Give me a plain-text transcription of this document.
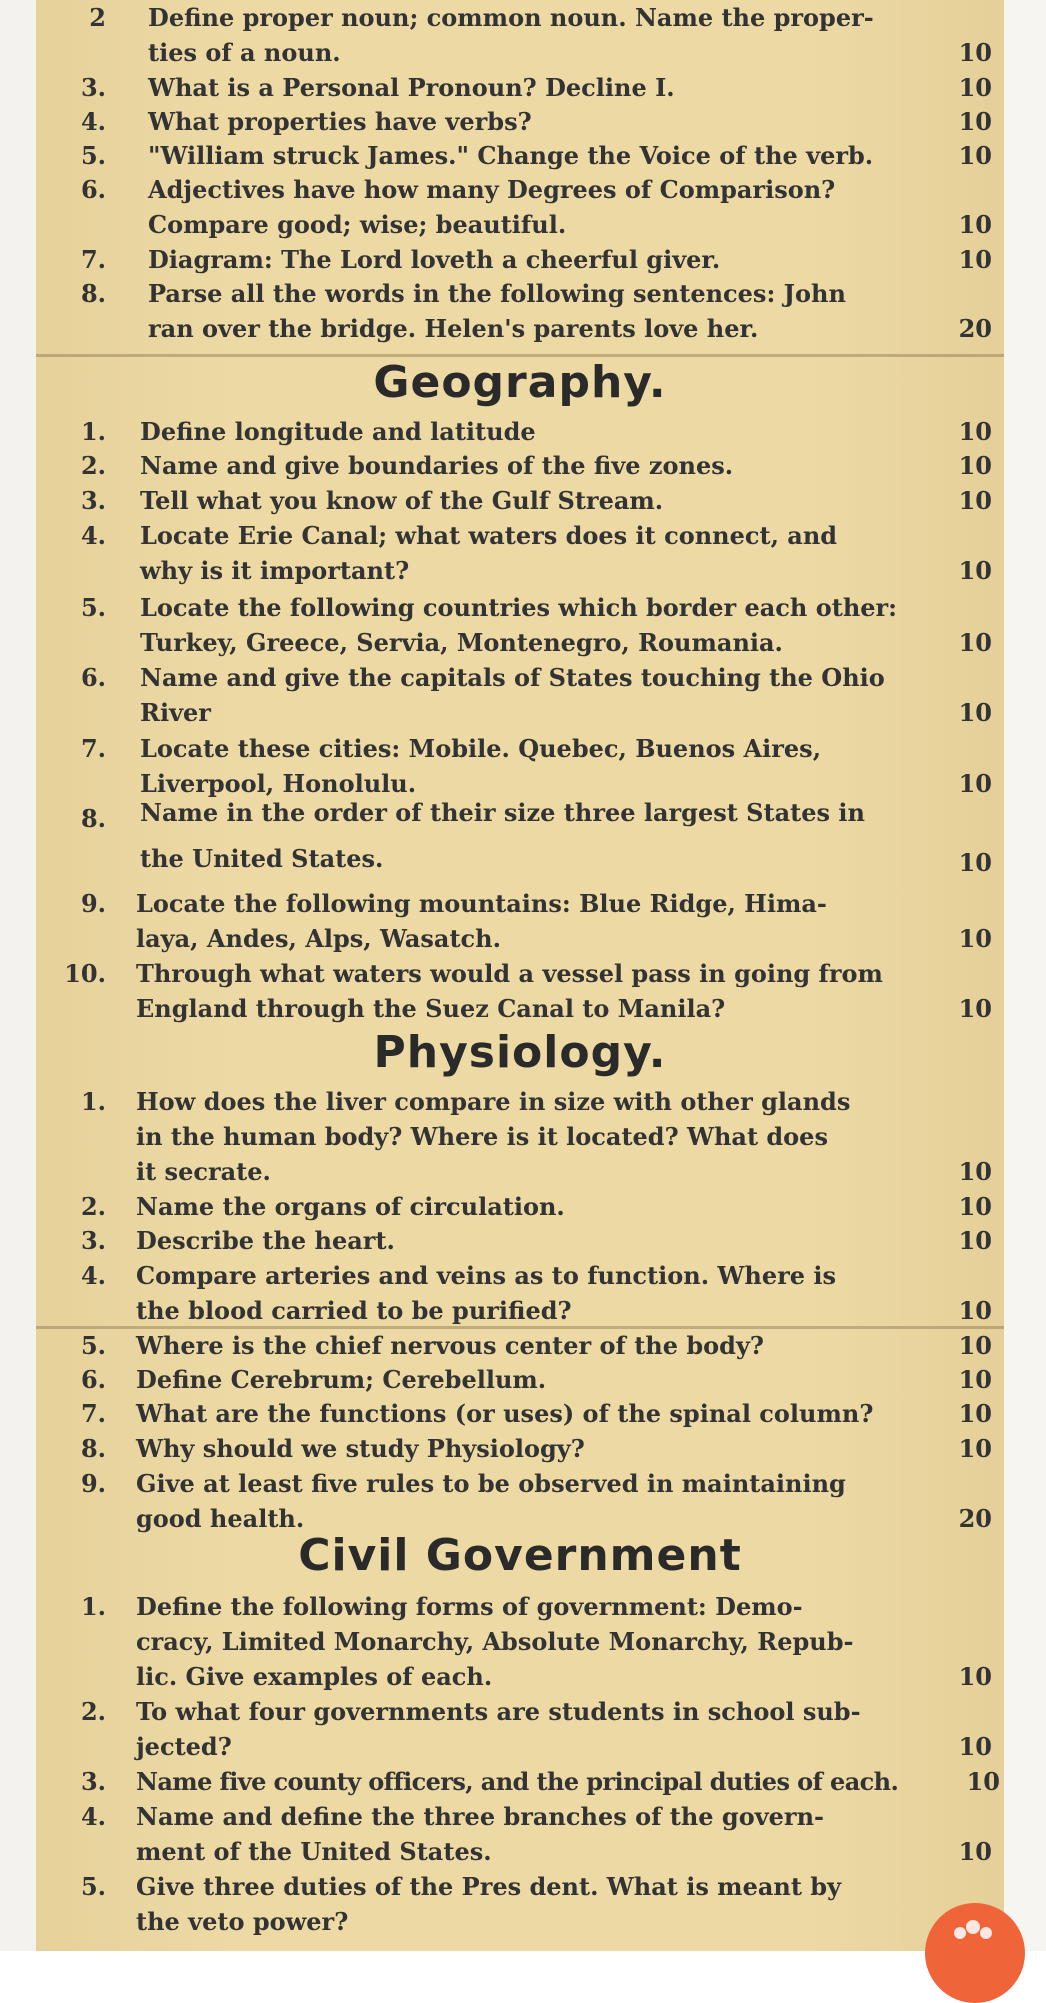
2 Define proper noun; common noun. Name the proper-
ties of a noun.	10
3. What is a Personal Pronoun? Decline I.	10
4. What properties have verbs?	10
5. "William struck James." Change the Voice of the verb.	10
6. Adjectives have how many Degrees of Comparison?
Compare good; wise; beautiful.	10
7. Diagram: The Lord loveth a cheerful giver.	10
8. Parse all the words in the following sentences: John
ran over the bridge. Helen's parents love her.	20
Geography.
1. Define longitude and latitude	10
2. Name and give boundaries of the five zones.	10
3. Tell what you know of the Gulf Stream.	10
4. Locate Erie Canal; what waters does it connect, and
why is it important?	10
5. Locate the following countries which border each other:
Turkey, Greece, Servia, Montenegro, Roumania.	10
6. Name and give the capitals of States touching the Ohio
River	10
7. Locate these cities: Mobile. Quebec, Buenos Aires,
Liverpool, Honolulu.	10
8. Name in the order of their size three largest States in

the United States.	10
9. Locate the following mountains: Blue Ridge, Hima-
laya, Andes, Alps, Wasatch.	10
10. Through what waters would a vessel pass in going from
England through the Suez Canal to Manila?	10
Physiology.
1. How does the liver compare in size with other glands
in the human body? Where is it located? What does
it secrate.	10
2. Name the organs of circulation.	10
3. Describe the heart.	10
4. Compare arteries and veins as to function. Where is
the blood carried to be purified?	10
5. Where is the chief nervous center of the body?	10
6. Define Cerebrum; Cerebellum.	10
7. What are the functions (or uses) of the spinal column?	10
8. Why should we study Physiology?	10
9. Give at least five rules to be observed in maintaining
good health.	20
Civil Government
1. Define the following forms of government: Demo-
cracy, Limited Monarchy, Absolute Monarchy, Repub-
lic. Give examples of each.	10
2. To what four governments are students in school sub-
jected?	10
3. Name five county officers, and the principal duties of each.	10
4. Name and define the three branches of the govern-
ment of the United States.	10
5. Give three duties of the Pres dent. What is meant by
the veto power?
